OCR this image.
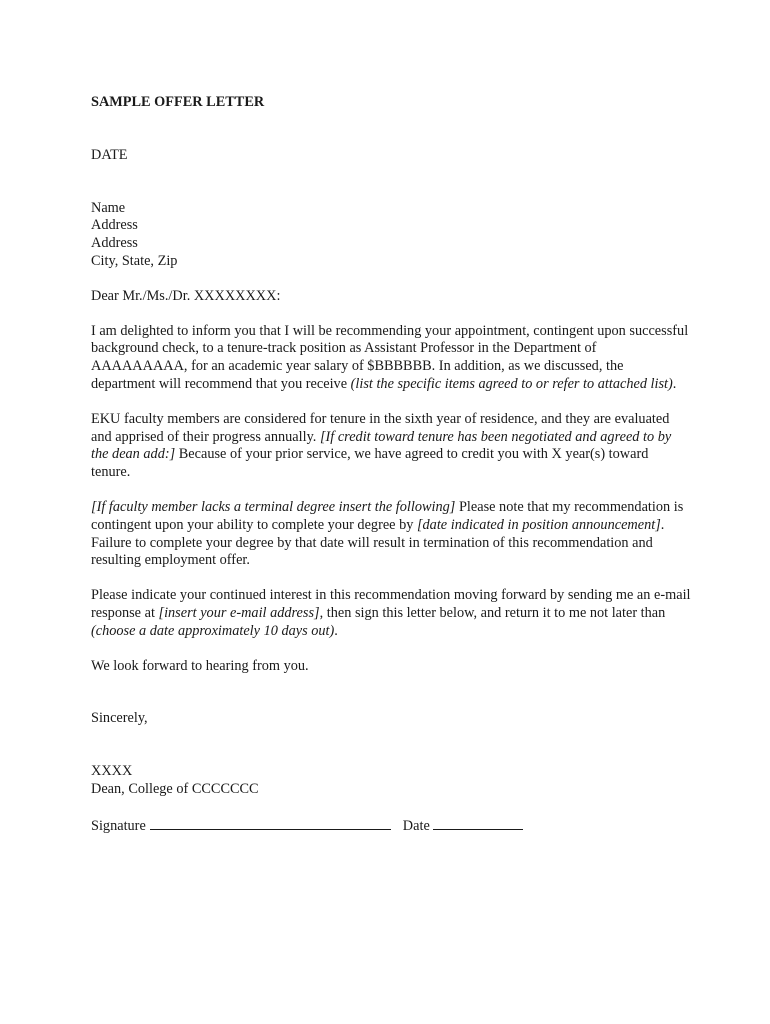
SAMPLE OFFER LETTER
DATE
Name
Address
Address
City, State, Zip
Dear Mr./Ms./Dr. XXXXXXXX:
I am delighted to inform you that I will be recommending your appointment, contingent upon successful background check, to a tenure-track position as Assistant Professor in the Department of AAAAAAAAA, for an academic year salary of $BBBBBB. In addition, as we discussed, the department will recommend that you receive (list the specific items agreed to or refer to attached list).
EKU faculty members are considered for tenure in the sixth year of residence, and they are evaluated and apprised of their progress annually. [If credit toward tenure has been negotiated and agreed to by the dean add:] Because of your prior service, we have agreed to credit you with X year(s) toward tenure.
[If faculty member lacks a terminal degree insert the following] Please note that my recommendation is contingent upon your ability to complete your degree by [date indicated in position announcement]. Failure to complete your degree by that date will result in termination of this recommendation and resulting employment offer.
Please indicate your continued interest in this recommendation moving forward by sending me an e-mail response at [insert your e-mail address], then sign this letter below, and return it to me not later than (choose a date approximately 10 days out).
We look forward to hearing from you.
Sincerely,
XXXX
Dean, College of CCCCCCC
Signature	Date
